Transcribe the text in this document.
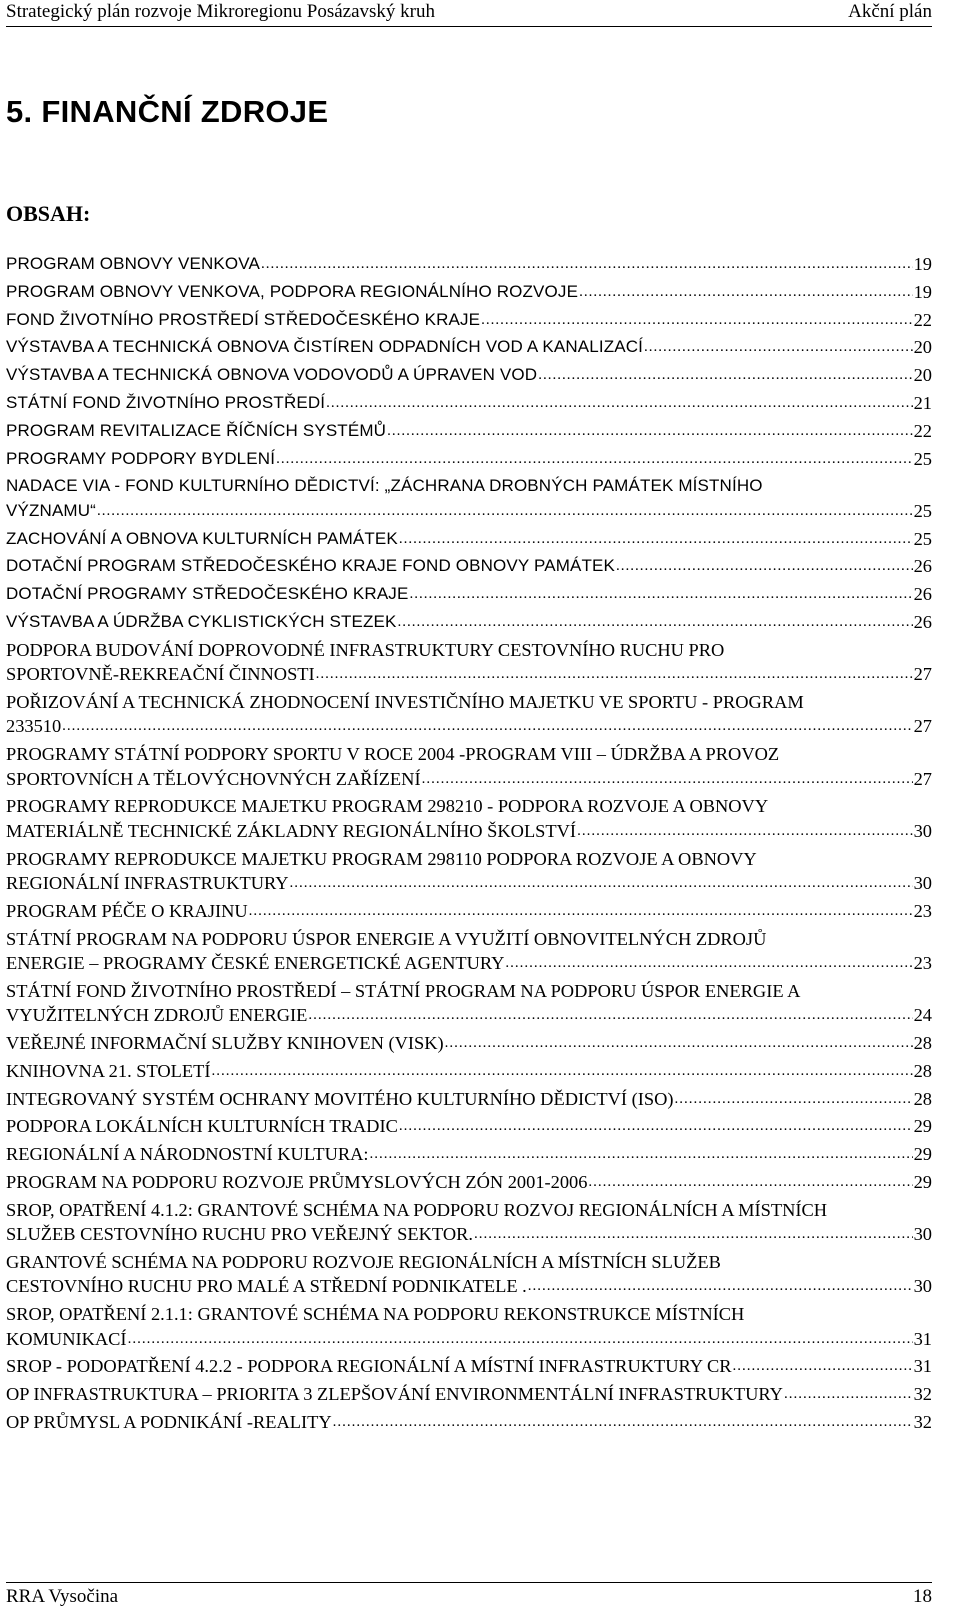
Strategický plán rozvoje Mikroregionu Posázavský kruh	Akční plán
5. FINANČNÍ ZDROJE
OBSAH:
PROGRAM OBNOVY VENKOVA .....	19
PROGRAM OBNOVY VENKOVA, PODPORA REGIONÁLNÍHO ROZVOJE .....	19
FOND ŽIVOTNÍHO PROSTŘEDÍ STŘEDOČESKÉHO KRAJE .....	22
VÝSTAVBA A TECHNICKÁ OBNOVA ČISTÍREN ODPADNÍCH VOD A KANALIZACÍ .....	20
VÝSTAVBA A TECHNICKÁ OBNOVA VODOVODŮ A ÚPRAVEN VOD .....	20
STÁTNÍ FOND ŽIVOTNÍHO PROSTŘEDÍ .....	21
PROGRAM REVITALIZACE ŘÍČNÍCH SYSTÉMŮ .....	22
PROGRAMY PODPORY BYDLENÍ .....	25
NADACE VIA - FOND KULTURNÍHO DĚDICTVÍ: „ZÁCHRANA DROBNÝCH PAMÁTEK MÍSTNÍHO
VÝZNAMU“ .....	25
ZACHOVÁNÍ A OBNOVA KULTURNÍCH PAMÁTEK .....	25
DOTAČNÍ PROGRAM STŘEDOČESKÉHO KRAJE FOND OBNOVY PAMÁTEK .....	26
DOTAČNÍ PROGRAMY STŘEDOČESKÉHO KRAJE .....	26
VÝSTAVBA A ÚDRŽBA CYKLISTICKÝCH STEZEK .....	26
PODPORA BUDOVÁNÍ DOPROVODNÉ INFRASTRUKTURY CESTOVNÍHO RUCHU PRO
SPORTOVNĚ-REKREAČNÍ ČINNOSTI .....	27
POŘIZOVÁNÍ A TECHNICKÁ ZHODNOCENÍ INVESTIČNÍHO MAJETKU VE SPORTU - PROGRAM
233510 .....	27
PROGRAMY STÁTNÍ PODPORY SPORTU V ROCE 2004 -PROGRAM VIII – ÚDRŽBA A PROVOZ
SPORTOVNÍCH A TĚLOVÝCHOVNÝCH ZAŘÍZENÍ .....	27
PROGRAMY REPRODUKCE MAJETKU PROGRAM 298210 - PODPORA ROZVOJE A OBNOVY
MATERIÁLNĚ TECHNICKÉ ZÁKLADNY REGIONÁLNÍHO ŠKOLSTVÍ .....	30
PROGRAMY REPRODUKCE MAJETKU PROGRAM 298110 PODPORA ROZVOJE A OBNOVY
REGIONÁLNÍ INFRASTRUKTURY .....	30
PROGRAM PÉČE O KRAJINU .....	23
STÁTNÍ PROGRAM NA PODPORU ÚSPOR ENERGIE A VYUŽITÍ OBNOVITELNÝCH ZDROJŮ
ENERGIE – PROGRAMY ČESKÉ ENERGETICKÉ AGENTURY .....	23
STÁTNÍ FOND ŽIVOTNÍHO PROSTŘEDÍ – STÁTNÍ PROGRAM NA PODPORU ÚSPOR ENERGIE A
VYUŽITELNÝCH ZDROJŮ ENERGIE .....	24
VEŘEJNÉ INFORMAČNÍ SLUŽBY KNIHOVEN (VISK) .....	28
KNIHOVNA 21. STOLETÍ .....	28
INTEGROVANÝ SYSTÉM OCHRANY MOVITÉHO KULTURNÍHO DĚDICTVÍ (ISO) .....	28
PODPORA LOKÁLNÍCH KULTURNÍCH TRADIC .....	29
REGIONÁLNÍ A NÁRODNOSTNÍ KULTURA: .....	29
PROGRAM NA PODPORU ROZVOJE PRŮMYSLOVÝCH ZÓN 2001-2006 .....	29
SROP, OPATŘENÍ 4.1.2: GRANTOVÉ SCHÉMA NA PODPORU ROZVOJ REGIONÁLNÍCH A MÍSTNÍCH
SLUŽEB CESTOVNÍHO RUCHU PRO VEŘEJNÝ SEKTOR. .....	30
GRANTOVÉ SCHÉMA NA PODPORU ROZVOJE REGIONÁLNÍCH A MÍSTNÍCH SLUŽEB
CESTOVNÍHO RUCHU PRO MALÉ A STŘEDNÍ PODNIKATELE . .....	30
SROP, OPATŘENÍ 2.1.1: GRANTOVÉ SCHÉMA NA PODPORU REKONSTRUKCE MÍSTNÍCH
KOMUNIKACÍ .....	31
SROP - PODOPATŘENÍ 4.2.2 - PODPORA REGIONÁLNÍ A MÍSTNÍ INFRASTRUKTURY CR .....	31
OP INFRASTRUKTURA – PRIORITA 3 ZLEPŠOVÁNÍ ENVIRONMENTÁLNÍ INFRASTRUKTURY .....	32
OP PRŮMYSL A PODNIKÁNÍ -REALITY .....	32
RRA Vysočina	18
